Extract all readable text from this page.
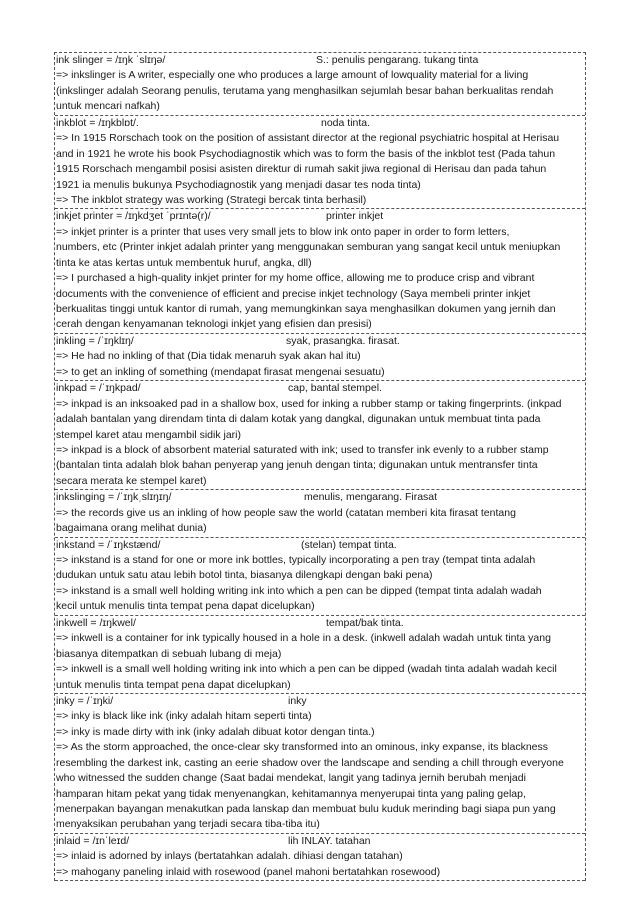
ink slinger = /ɪŋk ˈslɪŋə/	S.: penulis pengarang. tukang tinta
=> inkslinger is A writer, especially one who produces a large amount of lowquality material for a living
(inkslinger adalah Seorang penulis, terutama yang menghasilkan sejumlah besar bahan berkualitas rendah
untuk mencari nafkah)
inkblot = /ɪŋkblɒt/.	noda tinta.
=> In 1915 Rorschach took on the position of assistant director at the regional psychiatric hospital at Herisau
and in 1921 he wrote his book Psychodiagnostik which was to form the basis of the inkblot test (Pada tahun
1915 Rorschach mengambil posisi asisten direktur di rumah sakit jiwa regional di Herisau dan pada tahun
1921 ia menulis bukunya Psychodiagnostik yang menjadi dasar tes noda tinta)
=> The inkblot strategy was working (Strategi bercak tinta berhasil)
inkjet printer = /ɪŋkdʒet ˈprɪntə(r)/	printer inkjet
=> inkjet printer is a printer that uses very small jets to blow ink onto paper in order to form letters,
numbers, etc (Printer inkjet adalah printer yang menggunakan semburan yang sangat kecil untuk meniupkan
tinta ke atas kertas untuk membentuk huruf, angka, dll)
=> I purchased a high-quality inkjet printer for my home office, allowing me to produce crisp and vibrant
documents with the convenience of efficient and precise inkjet technology (Saya membeli printer inkjet
berkualitas tinggi untuk kantor di rumah, yang memungkinkan saya menghasilkan dokumen yang jernih dan
cerah dengan kenyamanan teknologi inkjet yang efisien dan presisi)
inkling = /ˈɪŋklɪŋ/	syak, prasangka. firasat.
=> He had no inkling of that (Dia tidak menaruh syak akan hal itu)
=> to get an inkling of something (mendapat firasat mengenai sesuatu)
inkpad = /ˈɪŋkpad/	cap, bantal stempel.
=> inkpad is an inksoaked pad in a shallow box, used for inking a rubber stamp or taking fingerprints. (inkpad
adalah bantalan yang direndam tinta di dalam kotak yang dangkal, digunakan untuk membuat tinta pada
stempel karet atau mengambil sidik jari)
=> inkpad is a block of absorbent material saturated with ink; used to transfer ink evenly to a rubber stamp
(bantalan tinta adalah blok bahan penyerap yang jenuh dengan tinta; digunakan untuk mentransfer tinta
secara merata ke stempel karet)
inkslinging = /ˈɪŋkˌslɪŋɪŋ/	menulis, mengarang. Firasat
=> the records give us an inkling of how people saw the world (catatan memberi kita firasat tentang
bagaimana orang melihat dunia)
inkstand = /ˈɪŋkstænd/	(stelan) tempat tinta.
=> inkstand is a stand for one or more ink bottles, typically incorporating a pen tray (tempat tinta adalah
dudukan untuk satu atau lebih botol tinta, biasanya dilengkapi dengan baki pena)
=> inkstand is a small well holding writing ink into which a pen can be dipped (tempat tinta adalah wadah
kecil untuk menulis tinta tempat pena dapat dicelupkan)
inkwell = /ɪŋkwel/	tempat/bak tinta.
=> inkwell is a container for ink typically housed in a hole in a desk. (inkwell adalah wadah untuk tinta yang
biasanya ditempatkan di sebuah lubang di meja)
=> inkwell is a small well holding writing ink into which a pen can be dipped (wadah tinta adalah wadah kecil
untuk menulis tinta tempat pena dapat dicelupkan)
inky = /ˈɪŋki/	inky
=> inky is black like ink (inky adalah hitam seperti tinta)
=> inky is made dirty with ink (inky adalah dibuat kotor dengan tinta.)
=> As the storm approached, the once-clear sky transformed into an ominous, inky expanse, its blackness
resembling the darkest ink, casting an eerie shadow over the landscape and sending a chill through everyone
who witnessed the sudden change (Saat badai mendekat, langit yang tadinya jernih berubah menjadi
hamparan hitam pekat yang tidak menyenangkan, kehitamannya menyerupai tinta yang paling gelap,
menerpakan bayangan menakutkan pada lanskap dan membuat bulu kuduk merinding bagi siapa pun yang
menyaksikan perubahan yang terjadi secara tiba-tiba itu)
inlaid = /ɪnˈleɪd/	lih INLAY. tatahan
=> inlaid is adorned by inlays (bertatahkan adalah. dihiasi dengan tatahan)
=> mahogany paneling inlaid with rosewood (panel mahoni bertatahkan rosewood)
